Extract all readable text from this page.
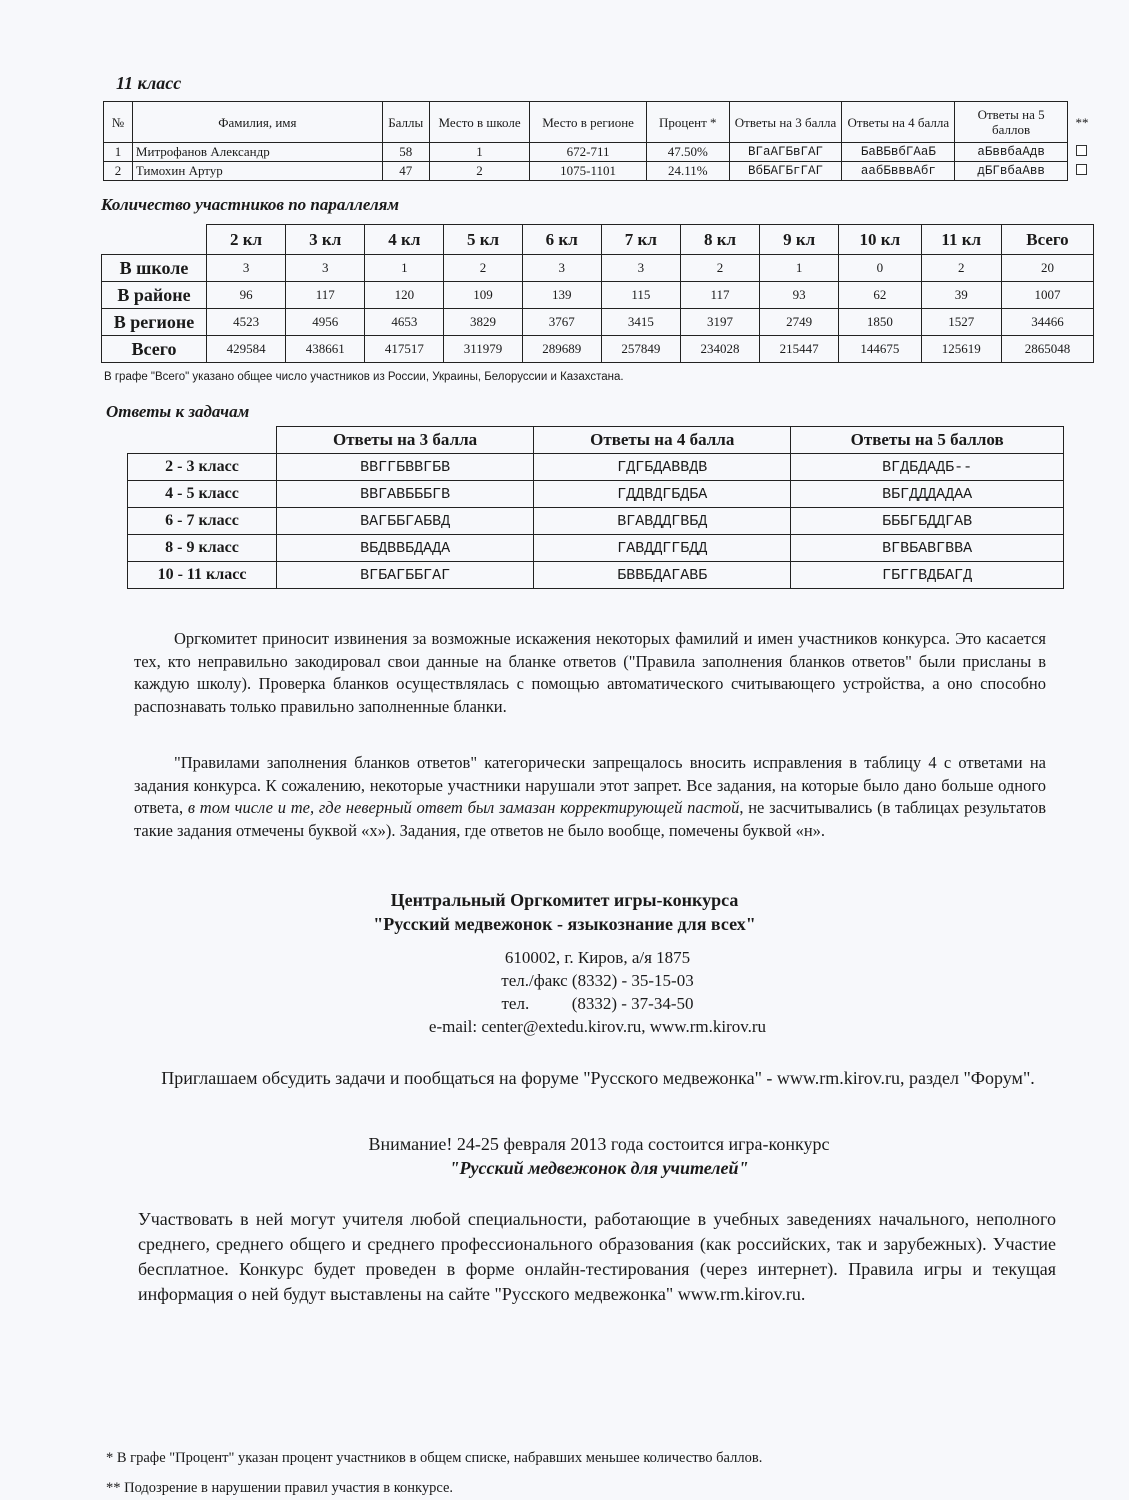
11 класс
№	Фамилия, имя	Баллы	Место в школе	Место в регионе	Процент *	Ответы на 3 балла	Ответы на 4 балла	Ответы на 5 баллов	**
1	Митрофанов Александр	58	1	672-711	47.50%	ВГаАГБвГАГ	БаВБвбГАаБ	аБввбаАдв	
2	Тимохин Артур	47	2	1075-1101	24.11%	ВбБАГБгГАГ	аабБвввАбг	дБГвбаАвв	
Количество участников по параллелям
	2 кл	3 кл	4 кл	5 кл	6 кл	7 кл	8 кл	9 кл	10 кл	11 кл	Всего
В школе	3	3	1	2	3	3	2	1	0	2	20
В районе	96	117	120	109	139	115	117	93	62	39	1007
В регионе	4523	4956	4653	3829	3767	3415	3197	2749	1850	1527	34466
Всего	429584	438661	417517	311979	289689	257849	234028	215447	144675	125619	2865048
В графе "Всего" указано общее число участников из России, Украины, Белоруссии и Казахстана.
Ответы к задачам
	Ответы на 3 балла	Ответы на 4 балла	Ответы на 5 баллов
2 - 3 класс	ВВГГБВВГБВ	ГДГБДАВВДВ	ВГДБДАДБ--
4 - 5 класс	ВВГАВБББГВ	ГДДВДГБДБА	ВБГДДДАДАА
6 - 7 класс	ВАГББГАБВД	ВГАВДДГВБД	БББГБДДГАВ
8 - 9 класс	ВБДВВБДАДА	ГАВДДГГБДД	ВГВБАВГВВА
10 - 11 класс	ВГБАГББГАГ	БВВБДАГАВБ	ГБГГВДБАГД
Оргкомитет приносит извинения за возможные искажения некоторых фамилий и имен участников конкурса. Это касается тех, кто неправильно закодировал свои данные на бланке ответов ("Правила заполнения бланков ответов" были присланы в каждую школу). Проверка бланков осуществлялась с помощью автоматического считывающего устройства, а оно способно распознавать только правильно заполненные бланки.
"Правилами заполнения бланков ответов" категорически запрещалось вносить исправления в таблицу 4 с ответами на задания конкурса. К сожалению, некоторые участники нарушали этот запрет. Все задания, на которые было дано больше одного ответа, в том числе и те, где неверный ответ был замазан корректирующей пастой, не засчитывались (в таблицах результатов такие задания отмечены буквой «х»). Задания, где ответов не было вообще, помечены буквой «н».
Центральный Оргкомитет игры-конкурса
"Русский медвежонок - языкознание для всех"
610002, г. Киров, а/я 1875
тел./факс (8332) - 35-15-03
тел.          (8332) - 37-34-50
e-mail: center@extedu.kirov.ru, www.rm.kirov.ru
Приглашаем обсудить задачи и пообщаться на форуме "Русского медвежонка" - www.rm.kirov.ru, раздел "Форум".
Внимание! 24-25 февраля 2013 года состоится игра-конкурс
"Русский медвежонок для учителей"
Участвовать в ней могут учителя любой специальности, работающие в учебных заведениях начального, неполного среднего, среднего общего и среднего профессионального образования (как российских, так и зарубежных). Участие бесплатное. Конкурс будет проведен в форме онлайн-тестирования (через интернет). Правила игры и текущая информация о ней будут выставлены на сайте "Русского медвежонка" www.rm.kirov.ru.
* В графе "Процент" указан процент участников в общем списке, набравших меньшее количество баллов.
** Подозрение в нарушении правил участия в конкурсе.
